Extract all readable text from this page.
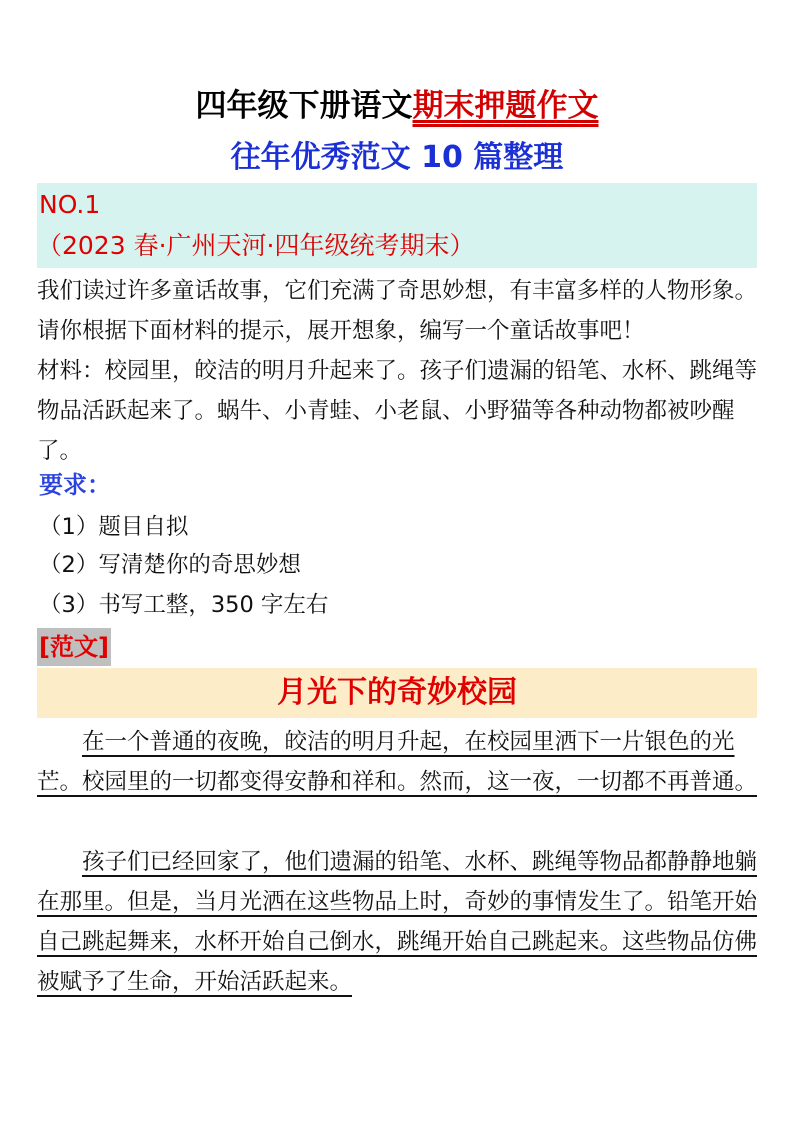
四年级下册语文期末押题作文
往年优秀范文 10 篇整理
NO.1
（2023 春·广州天河·四年级统考期末）
我们读过许多童话故事，它们充满了奇思妙想，有丰富多样的人物形象。请你根据下面材料的提示，展开想象，编写一个童话故事吧！
材料：校园里，皎洁的明月升起来了。孩子们遗漏的铅笔、水杯、跳绳等物品活跃起来了。蜗牛、小青蛙、小老鼠、小野猫等各种动物都被吵醒了。
要求：
（1）题目自拟
（2）写清楚你的奇思妙想
（3）书写工整，350 字左右
[范文]
月光下的奇妙校园
在一个普通的夜晚，皎洁的明月升起，在校园里洒下一片银色的光芒。校园里的一切都变得安静和祥和。然而，这一夜，一切都不再普通。
孩子们已经回家了，他们遗漏的铅笔、水杯、跳绳等物品都静静地躺在那里。但是，当月光洒在这些物品上时，奇妙的事情发生了。铅笔开始自己跳起舞来，水杯开始自己倒水，跳绳开始自己跳起来。这些物品仿佛被赋予了生命，开始活跃起来。
